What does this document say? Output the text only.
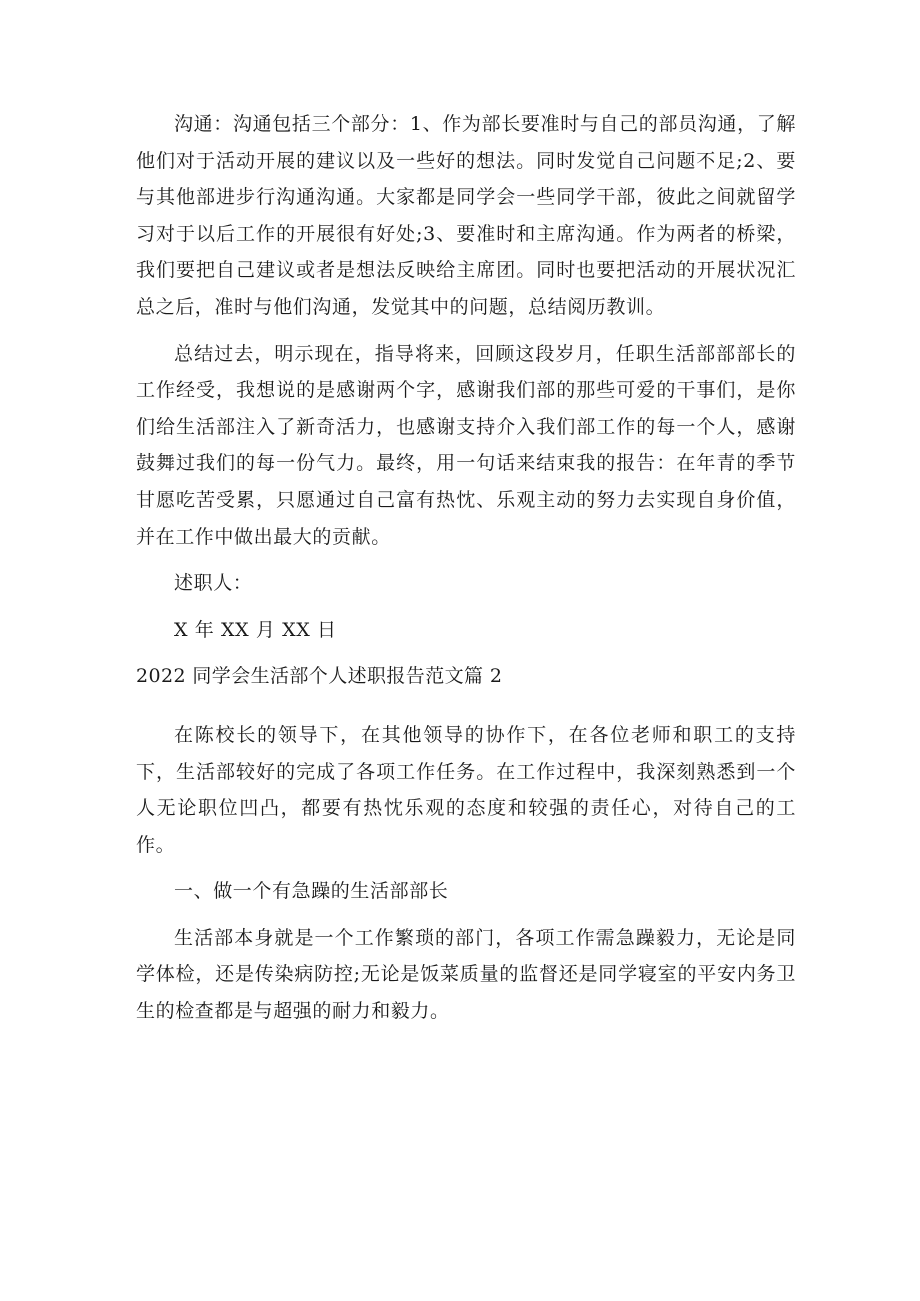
沟通：沟通包括三个部分：1、作为部长要准时与自己的部员沟通，了解他们对于活动开展的建议以及一些好的想法。同时发觉自己问题不足;2、要与其他部进步行沟通沟通。大家都是同学会一些同学干部，彼此之间就留学习对于以后工作的开展很有好处;3、要准时和主席沟通。作为两者的桥梁，我们要把自己建议或者是想法反映给主席团。同时也要把活动的开展状况汇总之后，准时与他们沟通，发觉其中的问题，总结阅历教训。

总结过去，明示现在，指导将来，回顾这段岁月，任职生活部部部长的工作经受，我想说的是感谢两个字，感谢我们部的那些可爱的干事们，是你们给生活部注入了新奇活力，也感谢支持介入我们部工作的每一个人，感谢鼓舞过我们的每一份气力。最终，用一句话来结束我的报告：在年青的季节甘愿吃苦受累，只愿通过自己富有热忱、乐观主动的努力去实现自身价值，并在工作中做出最大的贡献。

述职人：

X 年 XX 月 XX 日

2022 同学会生活部个人述职报告范文篇 2

在陈校长的领导下，在其他领导的协作下，在各位老师和职工的支持下，生活部较好的完成了各项工作任务。在工作过程中，我深刻熟悉到一个人无论职位凹凸，都要有热忱乐观的态度和较强的责任心，对待自己的工作。

一、做一个有急躁的生活部部长

生活部本身就是一个工作繁琐的部门，各项工作需急躁毅力，无论是同学体检，还是传染病防控;无论是饭菜质量的监督还是同学寝室的平安内务卫生的检查都是与超强的耐力和毅力。
